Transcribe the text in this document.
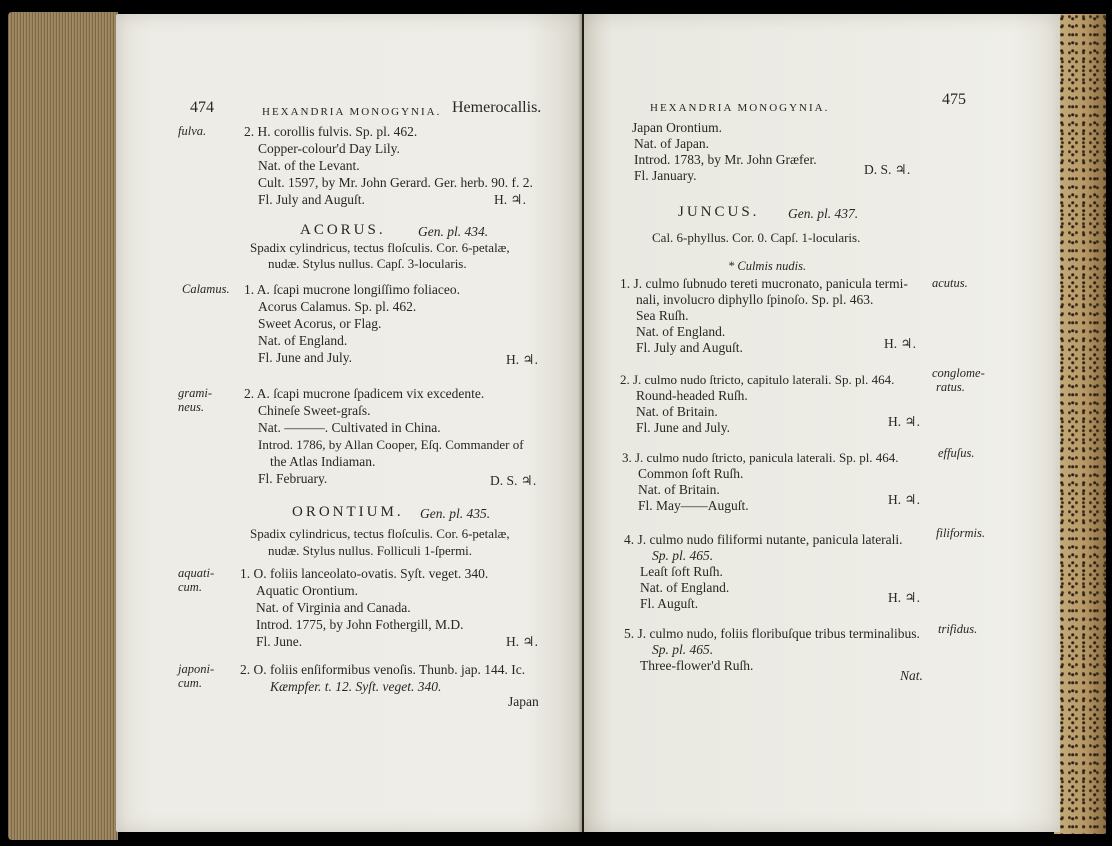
474	HEXANDRIA MONOGYNIA. Hemerocallis.
fulva.	2. H. corollis fulvis. Sp. pl. 462.
Copper-colour'd Day Lily.
Nat. of the Levant.
Cult. 1597, by Mr. John Gerard. Ger. herb. 90. f. 2.
Fl. July and Auguſt.	H. ♃.
ACORUS. Gen. pl. 434.
Spadix cylindricus, tectus floſculis. Cor. 6-petalæ,
nudæ. Stylus nullus. Capſ. 3-locularis.
Calamus. 1. A. ſcapi mucrone longiſſimo foliaceo.
Acorus Calamus. Sp. pl. 462.
Sweet Acorus, or Flag.
Nat. of England.
Fl. June and July.	H. ♃.
grami-
neus.
2. A. ſcapi mucrone ſpadicem vix excedente.
Chineſe Sweet-graſs.
Nat. ———. Cultivated in China.
Introd. 1786, by Allan Cooper, Eſq. Commander of
the Atlas Indiaman.
Fl. February.	D. S. ♃.
ORONTIUM. Gen. pl. 435.
Spadix cylindricus, tectus floſculis. Cor. 6-petalæ,
nudæ. Stylus nullus. Folliculi 1-ſpermi.
aquati-
cum.
1. O. foliis lanceolato-ovatis. Syſt. veget. 340.
Aquatic Orontium.
Nat. of Virginia and Canada.
Introd. 1775, by John Fothergill, M.D.
Fl. June.	H. ♃.
japoni-
cum.
2. O. foliis enſiformibus venoſis. Thunb. jap. 144. Ic.
Kæmpfer. t. 12. Syſt. veget. 340.
Japan
HEXANDRIA MONOGYNIA.	475
Japan Orontium.
Nat. of Japan.
Introd. 1783, by Mr. John Græfer.
Fl. January.	D. S. ♃.
JUNCUS. Gen. pl. 437.
Cal. 6-phyllus. Cor. 0. Capſ. 1-locularis.
* Culmis nudis.
1. J. culmo ſubnudo tereti mucronato, panicula termi-
nali, involucro diphyllo ſpinoſo. Sp. pl. 463.
Sea Ruſh.
Nat. of England.
Fl. July and Auguſt.	H. ♃.
acutus.
2. J. culmo nudo ſtricto, capitulo laterali. Sp. pl. 464.
Round-headed Ruſh.
Nat. of Britain.
Fl. June and July.	H. ♃.
conglome-
ratus.
3. J. culmo nudo ſtricto, panicula laterali. Sp. pl. 464.
Common ſoft Ruſh.
Nat. of Britain.
Fl. May——Auguſt.	H. ♃.
effuſus.
4. J. culmo nudo filiformi nutante, panicula laterali.
Sp. pl. 465.
Leaſt ſoft Ruſh.
Nat. of England.
Fl. Auguſt.	H. ♃.
filiformis.
5. J. culmo nudo, foliis floribuſque tribus terminalibus.
Sp. pl. 465.
Three-flower'd Ruſh.
trifidus.
Nat.
